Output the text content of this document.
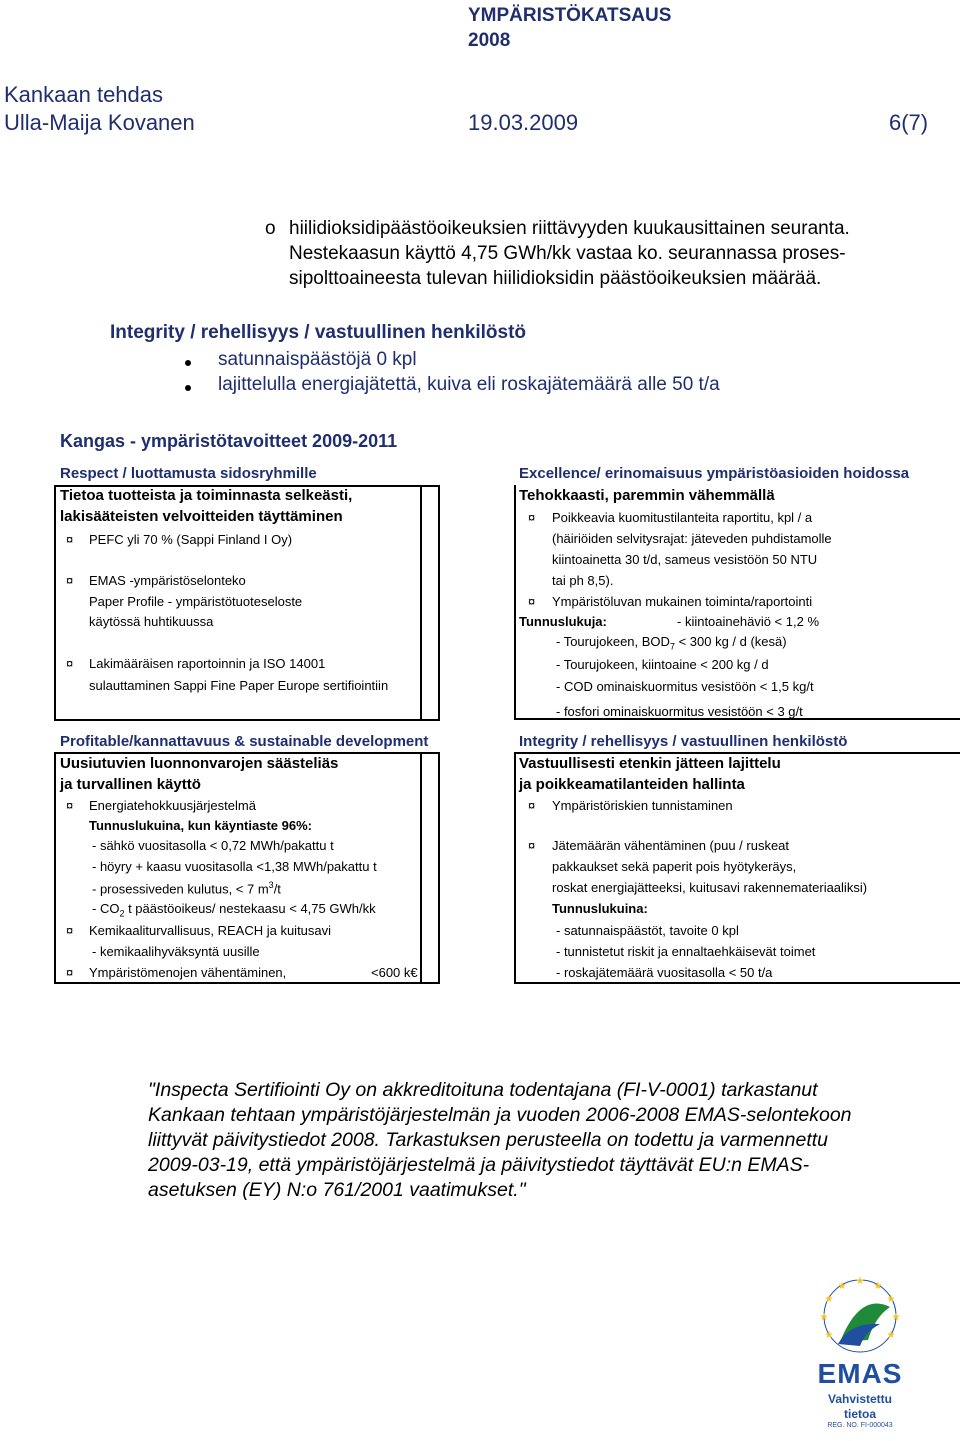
YMPÄRISTÖKATSAUS
2008
Kankaan tehdas
Ulla-Maija Kovanen	19.03.2009	6(7)
o hiilidioksidipäästöoikeuksien riittävyyden kuukausittainen seuranta.
Nestekaasun käyttö 4,75 GWh/kk vastaa ko. seurannassa proses-
sipolttoaineesta tulevan hiilidioksidin päästöoikeuksien määrää.
Integrity / rehellisyys / vastuullinen henkilöstö
satunnaispäästöjä 0 kpl
lajittelulla energiajätettä, kuiva eli roskajätemäärä alle 50 t/a
Kangas - ympäristötavoitteet 2009-2011
Respect / luottamusta sidosryhmille
Tietoa tuotteista ja toiminnasta selkeästi,
lakisääteisten velvoitteiden täyttäminen
¤ PEFC yli 70 % (Sappi Finland I Oy)
¤ EMAS -ympäristöselonteko
Paper Profile - ympäristötuoteseloste
käytössä huhtikuussa
¤ Lakimääräisen raportoinnin ja ISO 14001
sulauttaminen Sappi Fine Paper Europe sertifiointiin
Excellence/ erinomaisuus ympäristöasioiden hoidossa
Tehokkaasti, paremmin vähemmällä
¤ Poikkeavia kuomitustilanteita raportitu, kpl / a
(häiriöiden selvitysrajat: jäteveden puhdistamolle
kiintoainetta 30 t/d, sameus vesistöön 50 NTU
tai ph 8,5).
¤ Ympäristöluvan mukainen toiminta/raportointi
Tunnuslukuja:	- kiintoainehäviö < 1,2 %
- Tourujokeen, $BOD_7 < 300$ kg / d (kesä)
- Tourujokeen, kiintoaine < 200 kg / d
- COD ominaiskuormitus vesistöön < 1,5 kg/t
- fosfori ominaiskuormitus vesistöön < 3 g/t
Profitable/kannattavuus & sustainable development
Uusiutuvien luonnonvarojen säästeliäs
ja turvallinen käyttö
¤ Energiatehokkuusjärjestelmä
Tunnuslukuina, kun käyntiaste 96%:
- sähkö vuositasolla < 0,72 MWh/pakattu t
- höyry + kaasu vuositasolla <1,38 MWh/pakattu t
- prosessiveden kulutus, < 7 $m^3/t$
- $CO_2$ t päästöoikeus/ nestekaasu < 4,75 GWh/kk
¤ Kemikaaliturvallisuus, REACH ja kuitusavi
- kemikaalihyväksyntä uusille
¤ Ympäristömenojen vähentäminen,	<600 k€
Integrity / rehellisyys / vastuullinen henkilöstö
Vastuullisesti etenkin jätteen lajittelu
ja poikkeamatilanteiden hallinta
¤ Ympäristöriskien tunnistaminen
¤ Jätemäärän vähentäminen (puu / ruskeat
pakkaukset sekä paperit pois hyötykeräys,
roskat energiajätteeksi, kuitusavi rakennemateriaaliksi)
Tunnuslukuina:
- satunnaispäästöt, tavoite 0 kpl
- tunnistetut riskit ja ennaltaehkäisevät toimet
- roskajätemäärä vuositasolla < 50 t/a
"Inspecta Sertifiointi Oy on akkreditoituna todentajana (FI-V-0001) tarkastanut
Kankaan tehtaan ympäristöjärjestelmän ja vuoden 2006-2008 EMAS-selontekoon
liittyvät päivitystiedot 2008. Tarkastuksen perusteella on todettu ja varmennettu
2009-03-19, että ympäristöjärjestelmä ja päivitystiedot täyttävät EU:n EMAS-
asetuksen (EY) N:o 761/2001 vaatimukset."
★ ★
★
★
★
★
★
★
★
EMAS
Vahvistettu
tietoa
REG. NO. FI-000043
